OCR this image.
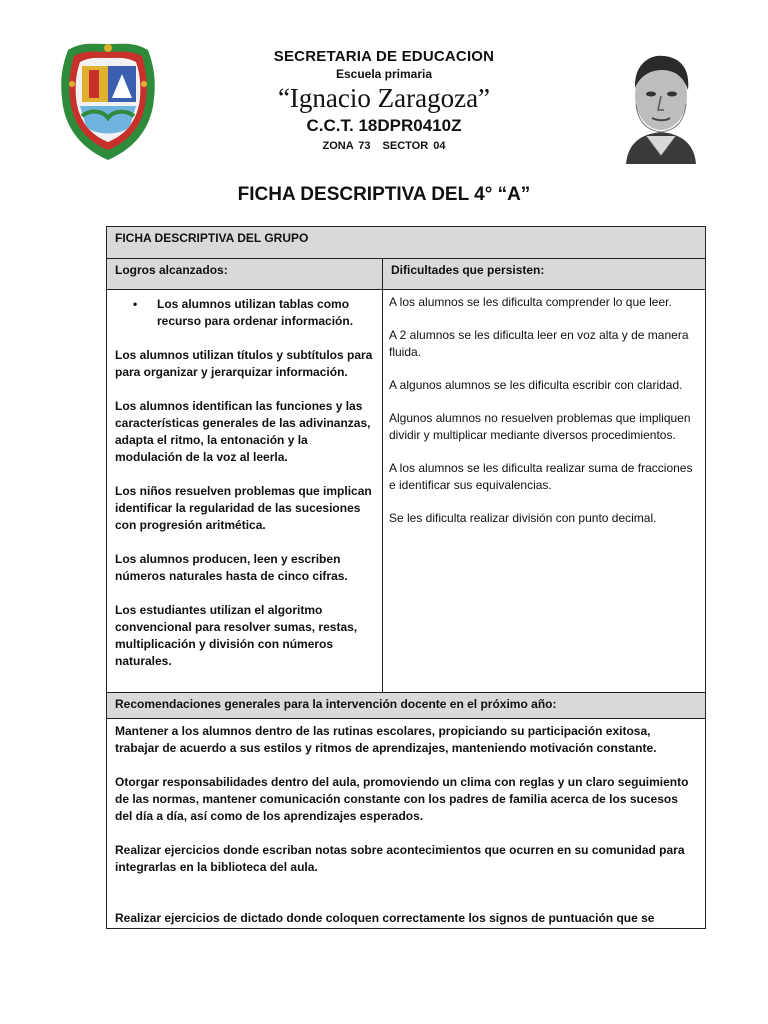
SECRETARIA DE EDUCACION
Escuela primaria
“Ignacio Zaragoza”
C.C.T. 18DPR0410Z
ZONA 73 SECTOR 04
FICHA DESCRIPTIVA DEL 4° “A”
FICHA DESCRIPTIVA DEL GRUPO
Logros alcanzados:	Dificultades que persisten:
•	Los alumnos utilizan tablas como recurso para ordenar información.
Los alumnos utilizan títulos y subtítulos para para organizar y jerarquizar información.
Los alumnos identifican las funciones y las características generales de las adivinanzas, adapta el ritmo, la entonación y la modulación de la voz al leerla.
Los niños resuelven problemas que implican identificar la regularidad de las sucesiones con progresión aritmética.
Los alumnos producen, leen y escriben números naturales hasta de cinco cifras.
Los estudiantes utilizan el algoritmo convencional para resolver sumas, restas, multiplicación y división con números naturales.
A los alumnos se les dificulta comprender lo que leer.
A 2 alumnos se les dificulta leer en voz alta y de manera fluida.
A algunos alumnos se les dificulta escribir con claridad.
Algunos alumnos no resuelven problemas que impliquen dividir y multiplicar mediante diversos procedimientos.
A los alumnos se les dificulta realizar suma de fracciones e identificar sus equivalencias.
Se les dificulta realizar división con punto decimal.
Recomendaciones generales para la intervención docente en el próximo año:
Mantener a los alumnos dentro de las rutinas escolares, propiciando su participación exitosa, trabajar de acuerdo a sus estilos y ritmos de aprendizajes, manteniendo motivación constante.
Otorgar responsabilidades dentro del aula, promoviendo un clima con reglas y un claro seguimiento de las normas, mantener comunicación constante con los padres de familia acerca de los sucesos del día a día, así como de los aprendizajes esperados.
Realizar ejercicios donde escriban notas sobre acontecimientos que ocurren en su comunidad para integrarlas en la biblioteca del aula.
Realizar ejercicios de dictado donde coloquen correctamente los signos de puntuación que se
